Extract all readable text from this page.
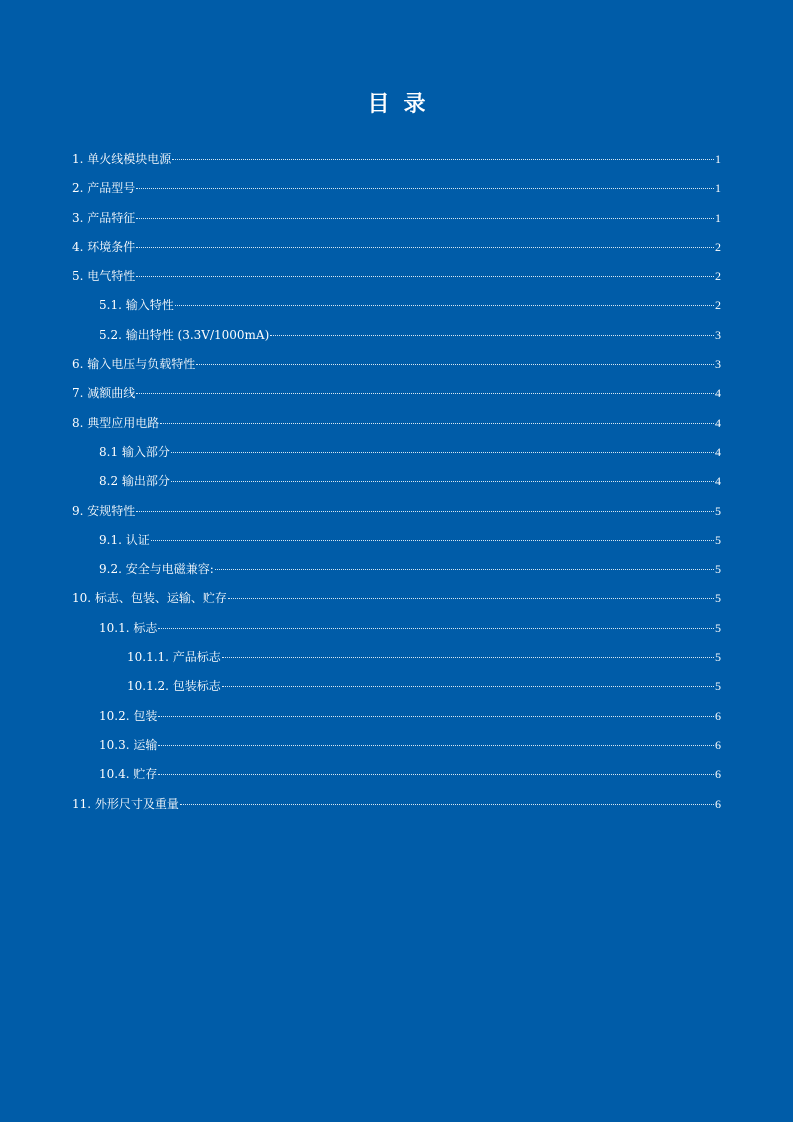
目录
1. 单火线模块电源	1
2. 产品型号	1
3. 产品特征	1
4. 环境条件	2
5. 电气特性	2
5.1. 输入特性	2
5.2. 输出特性 (3.3V/1000mA)	3
6. 输入电压与负载特性	3
7. 减额曲线	4
8. 典型应用电路	4
8.1 输入部分	4
8.2 输出部分	4
9. 安规特性	5
9.1. 认证	5
9.2. 安全与电磁兼容:	5
10. 标志、包装、运输、贮存	5
10.1. 标志	5
10.1.1. 产品标志	5
10.1.2. 包装标志	5
10.2. 包装	6
10.3. 运输	6
10.4. 贮存	6
11. 外形尺寸及重量	6
